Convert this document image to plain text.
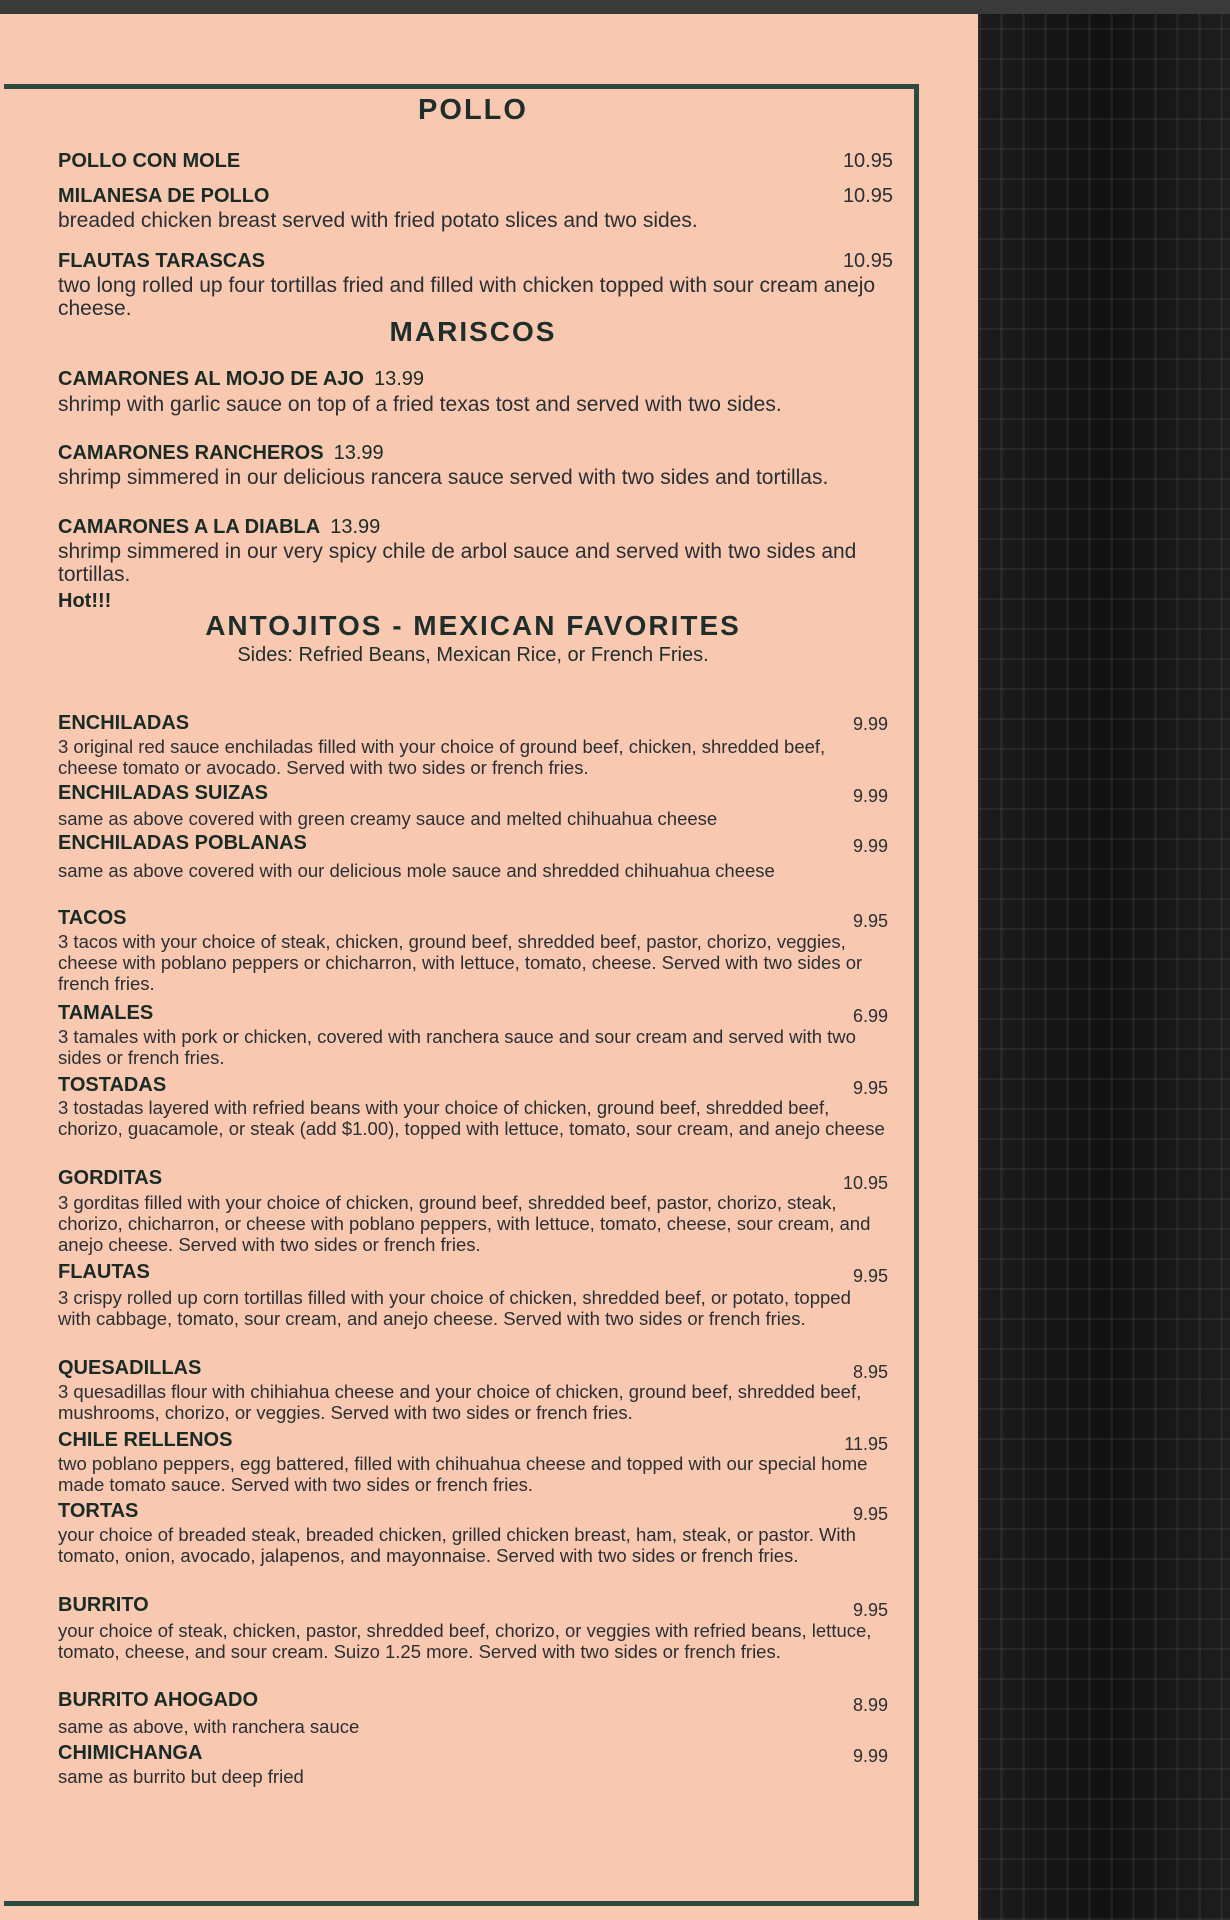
POLLO
POLLO CON MOLE	10.95
MILANESA DE POLLO	10.95
breaded chicken breast served with fried potato slices and two sides.
FLAUTAS TARASCAS	10.95
two long rolled up four tortillas fried and filled with chicken topped with sour cream anejo cheese.
MARISCOS
CAMARONES AL MOJO DE AJO 13.99
shrimp with garlic sauce on top of a fried texas tost and served with two sides.
CAMARONES RANCHEROS 13.99
shrimp simmered in our delicious rancera sauce served with two sides and tortillas.
CAMARONES A LA DIABLA 13.99
shrimp simmered in our very spicy chile de arbol sauce and served with two sides and tortillas.
Hot!!!
ANTOJITOS - MEXICAN FAVORITES
Sides: Refried Beans, Mexican Rice, or French Fries.
ENCHILADAS	9.99
3 original red sauce enchiladas filled with your choice of ground beef, chicken, shredded beef, cheese tomato or avocado. Served with two sides or french fries.
ENCHILADAS SUIZAS	9.99
same as above covered with green creamy sauce and melted chihuahua cheese
ENCHILADAS POBLANAS	9.99
same as above covered with our delicious mole sauce and shredded chihuahua cheese
TACOS	9.95
3 tacos with your choice of steak, chicken, ground beef, shredded beef, pastor, chorizo, veggies, cheese with poblano peppers or chicharron, with lettuce, tomato, cheese. Served with two sides or french fries.
TAMALES	6.99
3 tamales with pork or chicken, covered with ranchera sauce and sour cream and served with two sides or french fries.
TOSTADAS	9.95
3 tostadas layered with refried beans with your choice of chicken, ground beef, shredded beef, chorizo, guacamole, or steak (add $1.00), topped with lettuce, tomato, sour cream, and anejo cheese
GORDITAS	10.95
3 gorditas filled with your choice of chicken, ground beef, shredded beef, pastor, chorizo, steak, chorizo, chicharron, or cheese with poblano peppers, with lettuce, tomato, cheese, sour cream, and anejo cheese. Served with two sides or french fries.
FLAUTAS	9.95
3 crispy rolled up corn tortillas filled with your choice of chicken, shredded beef, or potato, topped with cabbage, tomato, sour cream, and anejo cheese. Served with two sides or french fries.
QUESADILLAS	8.95
3 quesadillas flour with chihiahua cheese and your choice of chicken, ground beef, shredded beef, mushrooms, chorizo, or veggies. Served with two sides or french fries.
CHILE RELLENOS	11.95
two poblano peppers, egg battered, filled with chihuahua cheese and topped with our special home made tomato sauce. Served with two sides or french fries.
TORTAS	9.95
your choice of breaded steak, breaded chicken, grilled chicken breast, ham, steak, or pastor. With tomato, onion, avocado, jalapenos, and mayonnaise. Served with two sides or french fries.
BURRITO	9.95
your choice of steak, chicken, pastor, shredded beef, chorizo, or veggies with refried beans, lettuce, tomato, cheese, and sour cream. Suizo 1.25 more. Served with two sides or french fries.
BURRITO AHOGADO	8.99
same as above, with ranchera sauce
CHIMICHANGA	9.99
same as burrito but deep fried
